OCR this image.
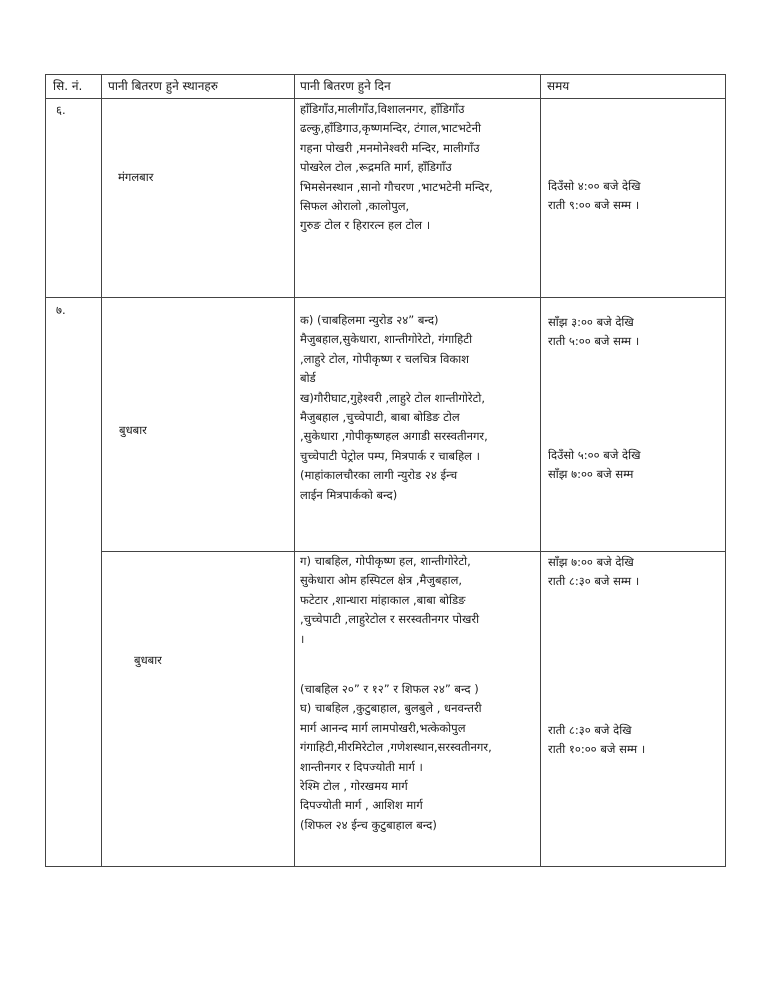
सि. नं. पानी बितरण हुने स्थानहरु	पानी बितरण हुने दिन	समय
६.
मंगलबार
हाँडिगाँउ,मालीगाँउ,विशालनगर, हाँडिगाँउ
ढल्कु,हाँडिगाउ,कृष्णमन्दिर, टंगाल,भाटभटेनी
गहना पोखरी ,मनमोनेश्वरी मन्दिर, मालीगाँउ
पोखरेल टोल ,रूद्रमति मार्ग, हाँडिगाँउ
भिमसेनस्थान ,सानो गौचरण ,भाटभटेनी मन्दिर,
सिफल ओरालो ,कालोपुल,
गुरुङ टोल र हिरारत्न हल टोल ।
दिउँसो ४:०० बजे देखि
राती ९:०० बजे सम्म ।
७.
बुधबार
क) (चाबहिलमा न्युरोड २४” बन्द)
मैजुबहाल,सुकेधारा, शान्तीगोरेटो, गंगाहिटी
,लाहुरे टोल, गोपीकृष्ण र चलचित्र विकाश
बोर्ड
ख)गौरीघाट,गुहेश्वरी ,लाहुरे टोल शान्तीगोरेटो,
मैजुबहाल ,चुच्चेपाटी, बाबा बोडिङ टोल
,सुकेधारा ,गोपीकृष्णहल अगाडी सरस्वतीनगर,
चुच्चेपाटी पेट्रोल पम्प, मित्रपार्क र चाबहिल ।
(माहांकालचौरका लागी न्युरोड २४ ईन्च
लाईन मित्रपार्कको बन्द)
साँझ ३:०० बजे देखि
राती ५:०० बजे सम्म ।
दिउँसो ५:०० बजे देखि
साँझ ७:०० बजे सम्म
बुधबार
ग) चाबहिल, गोपीकृष्ण हल, शान्तीगोरेटो,
सुकेधारा ओम हस्पिटल क्षेत्र ,मैजुबहाल,
फटेटार ,शान्धारा मांहाकाल ,बाबा बोडिङ
,चुच्चेपाटी ,लाहुरेटोल र सरस्वतीनगर पोखरी
।
(चाबहिल २०” र १२” र शिफल २४” बन्द )
घ) चाबहिल ,कुटुबाहाल, बुलबुले , धनवन्तरी
मार्ग आनन्द मार्ग लामपोखरी,भत्केकोपुल
गंगाहिटी,मीरमिरेटोल ,गणेशस्थान,सरस्वतीनगर,
शान्तीनगर र दिपज्योती मार्ग ।
रेश्मि टोल , गोरखमय मार्ग
दिपज्योती मार्ग , आशिश मार्ग
(शिफल २४ ईन्च कुटुबाहाल बन्द)
साँझ ७:०० बजे देखि
राती ८:३० बजे सम्म ।
राती ८:३० बजे देखि
राती १०:०० बजे सम्म ।
